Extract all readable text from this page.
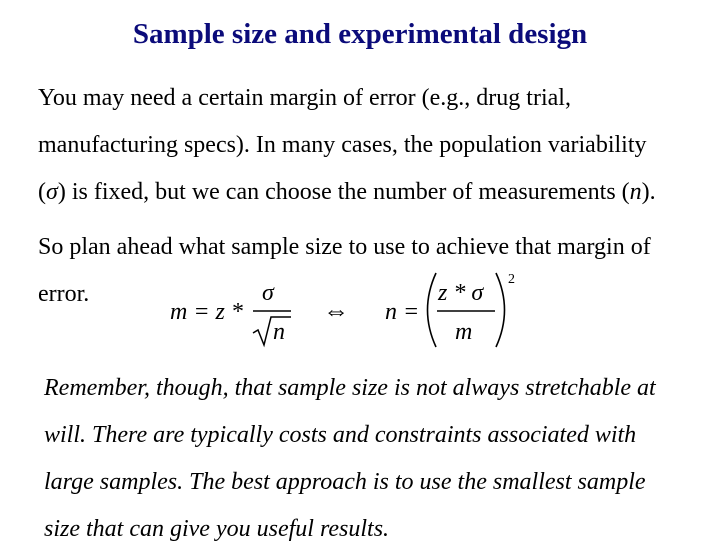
Sample size and experimental design
You may need a certain margin of error (e.g., drug trial,
manufacturing specs). In many cases, the population variability
(σ) is fixed, but we can choose the number of measurements (n).
So plan ahead what sample size to use to achieve that margin of
error.
m = z *
σ
n
⇔ n =
z * σ
m
2
Remember, though, that sample size is not always stretchable at
will. There are typically costs and constraints associated with
large samples. The best approach is to use the smallest sample
size that can give you useful results.
